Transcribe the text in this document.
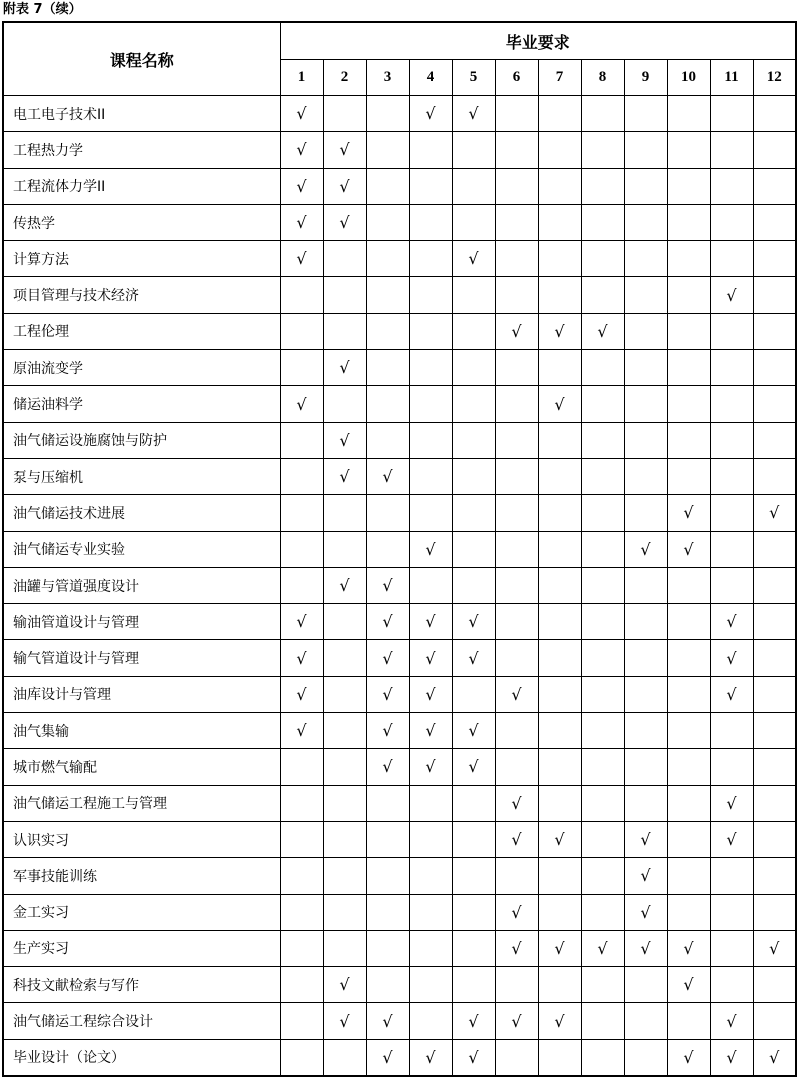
附表 7（续）
课程名称	毕业要求											
	1	2	3	4	5	6	7	8	9	10	11	12
电工电子技术II	√			√	√							
工程热力学	√	√										
工程流体力学II	√	√										
传热学	√	√										
计算方法	√				√							
项目管理与技术经济											√	
工程伦理						√	√	√				
原油流变学		√										
储运油料学	√						√					
油气储运设施腐蚀与防护		√										
泵与压缩机		√	√									
油气储运技术进展										√		√
油气储运专业实验				√					√	√		
油罐与管道强度设计		√	√									
输油管道设计与管理	√		√	√	√						√	
输气管道设计与管理	√		√	√	√						√	
油库设计与管理	√		√	√		√					√	
油气集输	√		√	√	√							
城市燃气输配			√	√	√							
油气储运工程施工与管理						√					√	
认识实习						√	√		√		√	
军事技能训练									√			
金工实习						√			√			
生产实习						√	√	√	√	√		√
科技文献检索与写作		√								√		
油气储运工程综合设计		√	√		√	√	√				√	
毕业设计（论文）			√	√	√					√	√	√
